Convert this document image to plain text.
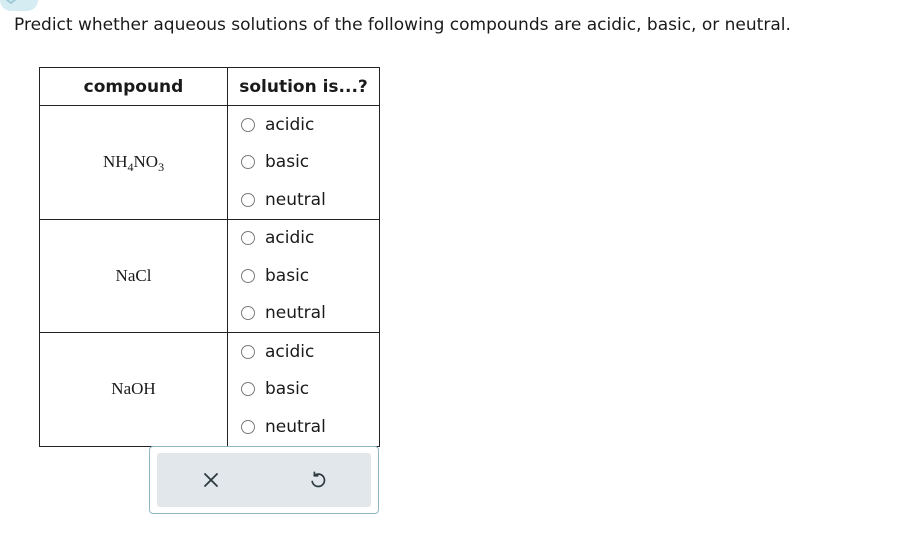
Predict whether aqueous solutions of the following compounds are acidic, basic, or neutral.
compound	solution is...?
$NH_4NO_3$	acidic
basic
neutral

NaCl	acidic
basic
neutral

NaOH	acidic
basic
neutral
